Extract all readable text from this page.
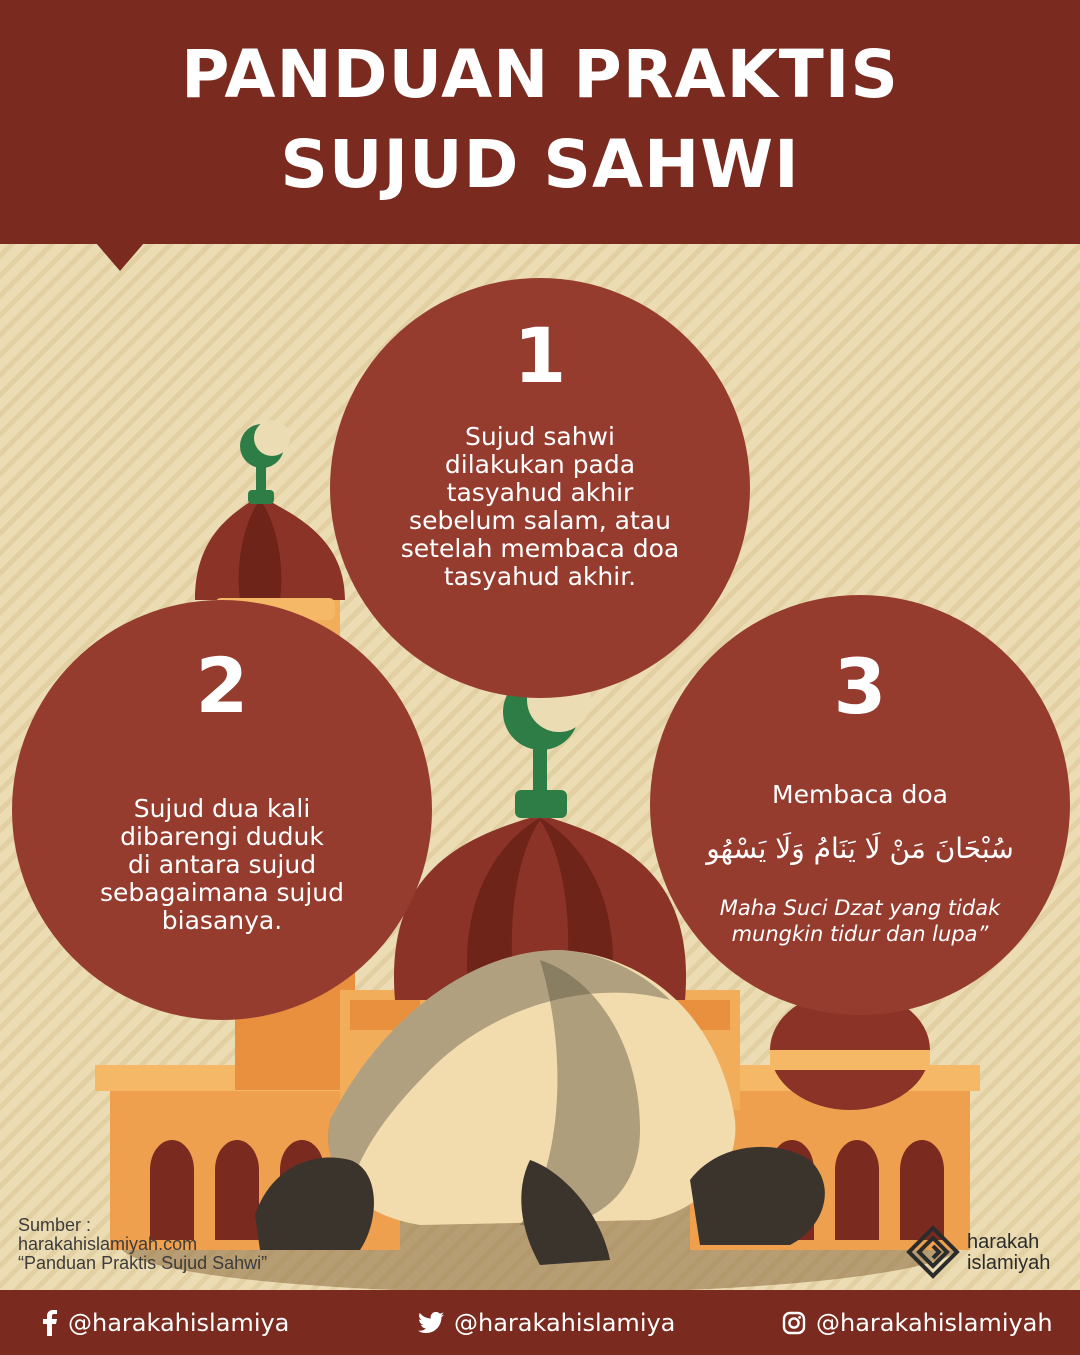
PANDUAN PRAKTIS
SUJUD SAHWI
1
Sujud sahwi
dilakukan pada
tasyahud akhir
sebelum salam, atau
setelah membaca doa
tasyahud akhir.
2
Sujud dua kali
dibarengi duduk
di antara sujud
sebagaimana sujud
biasanya.
3
Membaca doa
سُبْحَانَ مَنْ لَا يَنَامُ وَلَا يَسْهُو
Maha Suci Dzat yang tidak
mungkin tidur dan lupa”
Sumber :
harakahislamiyah.com
“Panduan Praktis Sujud Sahwi”
harakah
islamiyah
@harakahislamiya	@harakahislamiya	@harakahislamiyah
